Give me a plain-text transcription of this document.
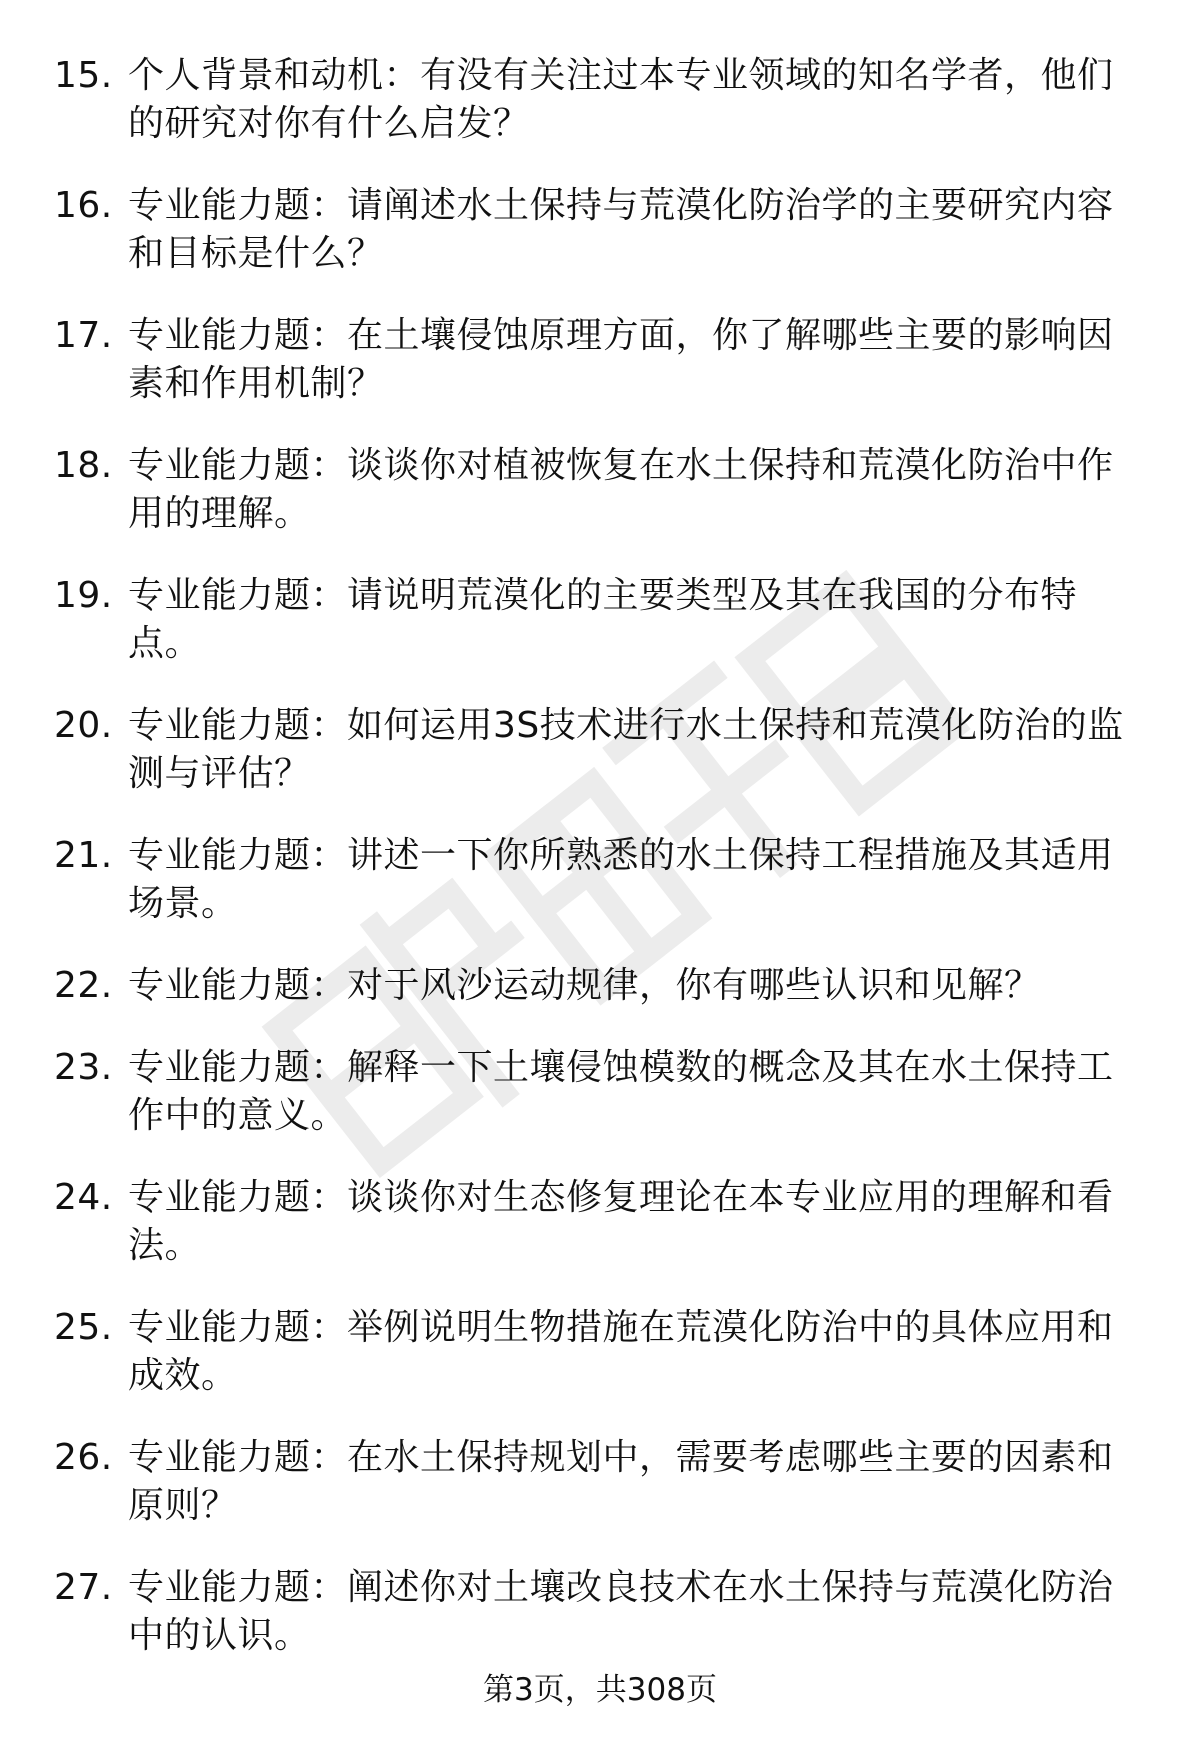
15. 个人背景和动机：有没有关注过本专业领域的知名学者，他们的研究对你有什么启发？
16. 专业能力题：请阐述水土保持与荒漠化防治学的主要研究内容和目标是什么？
17. 专业能力题：在土壤侵蚀原理方面，你了解哪些主要的影响因素和作用机制？
18. 专业能力题：谈谈你对植被恢复在水土保持和荒漠化防治中作用的理解。
19. 专业能力题：请说明荒漠化的主要类型及其在我国的分布特点。
20. 专业能力题：如何运用3S技术进行水土保持和荒漠化防治的监测与评估？
21. 专业能力题：讲述一下你所熟悉的水土保持工程措施及其适用场景。
22. 专业能力题：对于风沙运动规律，你有哪些认识和见解？
23. 专业能力题：解释一下土壤侵蚀模数的概念及其在水土保持工作中的意义。
24. 专业能力题：谈谈你对生态修复理论在本专业应用的理解和看法。
25. 专业能力题：举例说明生物措施在荒漠化防治中的具体应用和成效。
26. 专业能力题：在水土保持规划中，需要考虑哪些主要的因素和原则？
27. 专业能力题：阐述你对土壤改良技术在水土保持与荒漠化防治中的认识。
第3页，共308页
